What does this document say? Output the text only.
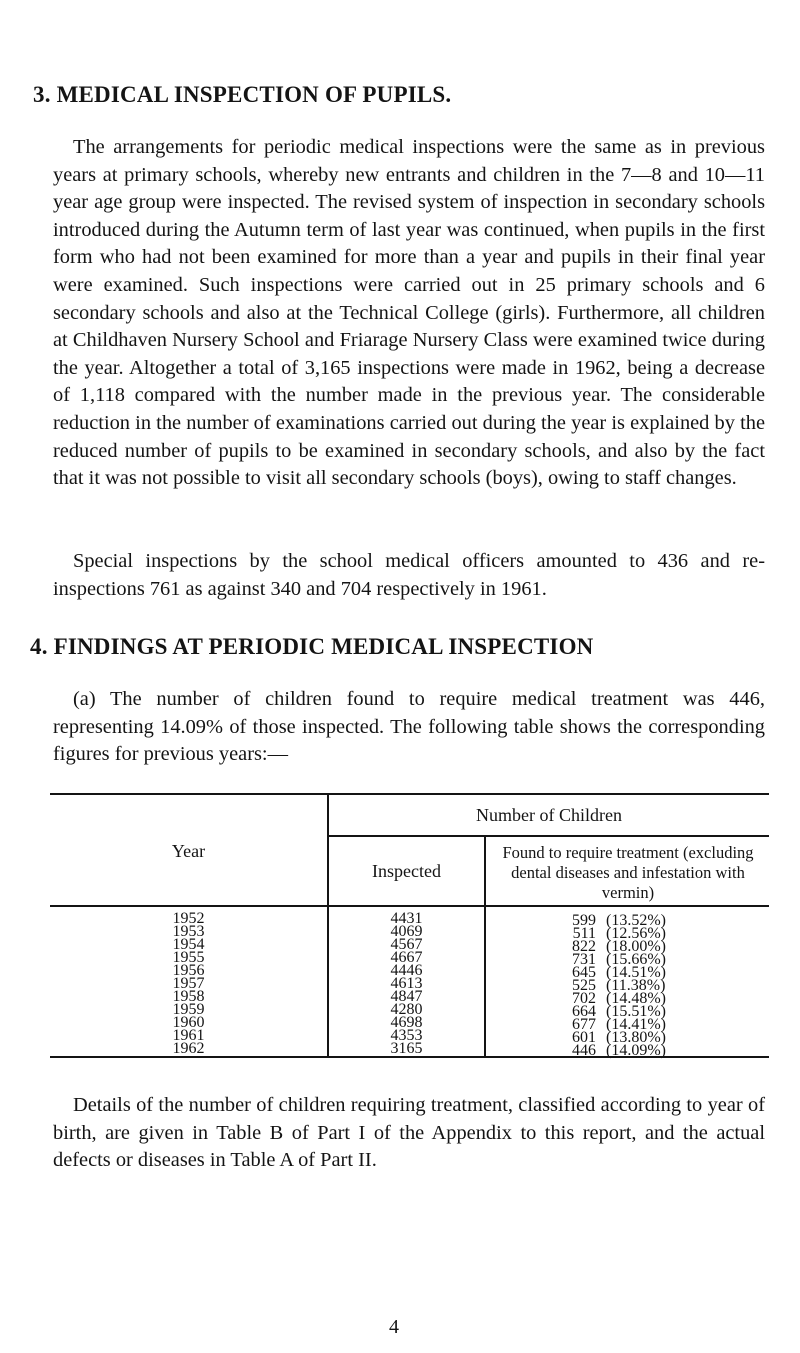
3. MEDICAL INSPECTION OF PUPILS.

The arrangements for periodic medical inspections were the same as in previous years at primary schools, whereby new entrants and children in the 7—8 and 10—11 year age group were inspected. The revised system of inspection in secondary schools introduced during the Autumn term of last year was continued, when pupils in the first form who had not been examined for more than a year and pupils in their final year were examined. Such inspections were carried out in 25 primary schools and 6 secondary schools and also at the Technical College (girls). Furthermore, all children at Childhaven Nursery School and Friarage Nursery Class were examined twice during the year. Altogether a total of 3,165 inspections were made in 1962, being a decrease of 1,118 compared with the number made in the previous year. The considerable reduction in the number of examinations carried out during the year is explained by the reduced number of pupils to be examined in secondary schools, and also by the fact that it was not possible to visit all secondary schools (boys), owing to staff changes.

Special inspections by the school medical officers amounted to 436 and re-inspections 761 as against 340 and 704 respectively in 1961.

4. FINDINGS AT PERIODIC MEDICAL INSPECTION

(a) The number of children found to require medical treatment was 446, representing 14.09% of those inspected. The following table shows the corresponding figures for previous years:—

Year
Number of Children
Inspected
Found to require treatment (excluding dental diseases and infestation with vermin)
1952
1953
1954
1955
1956
1957
1958
1959
1960
1961
1962
4431
4069
4567
4667
4446
4613
4847
4280
4698
4353
3165
599 (13.52%)
511 (12.56%)
822 (18.00%)
731 (15.66%)
645 (14.51%)
525 (11.38%)
702 (14.48%)
664 (15.51%)
677 (14.41%)
601 (13.80%)
446 (14.09%)

Details of the number of children requiring treatment, classified according to year of birth, are given in Table B of Part I of the Appendix to this report, and the actual defects or diseases in Table A of Part II.

4
